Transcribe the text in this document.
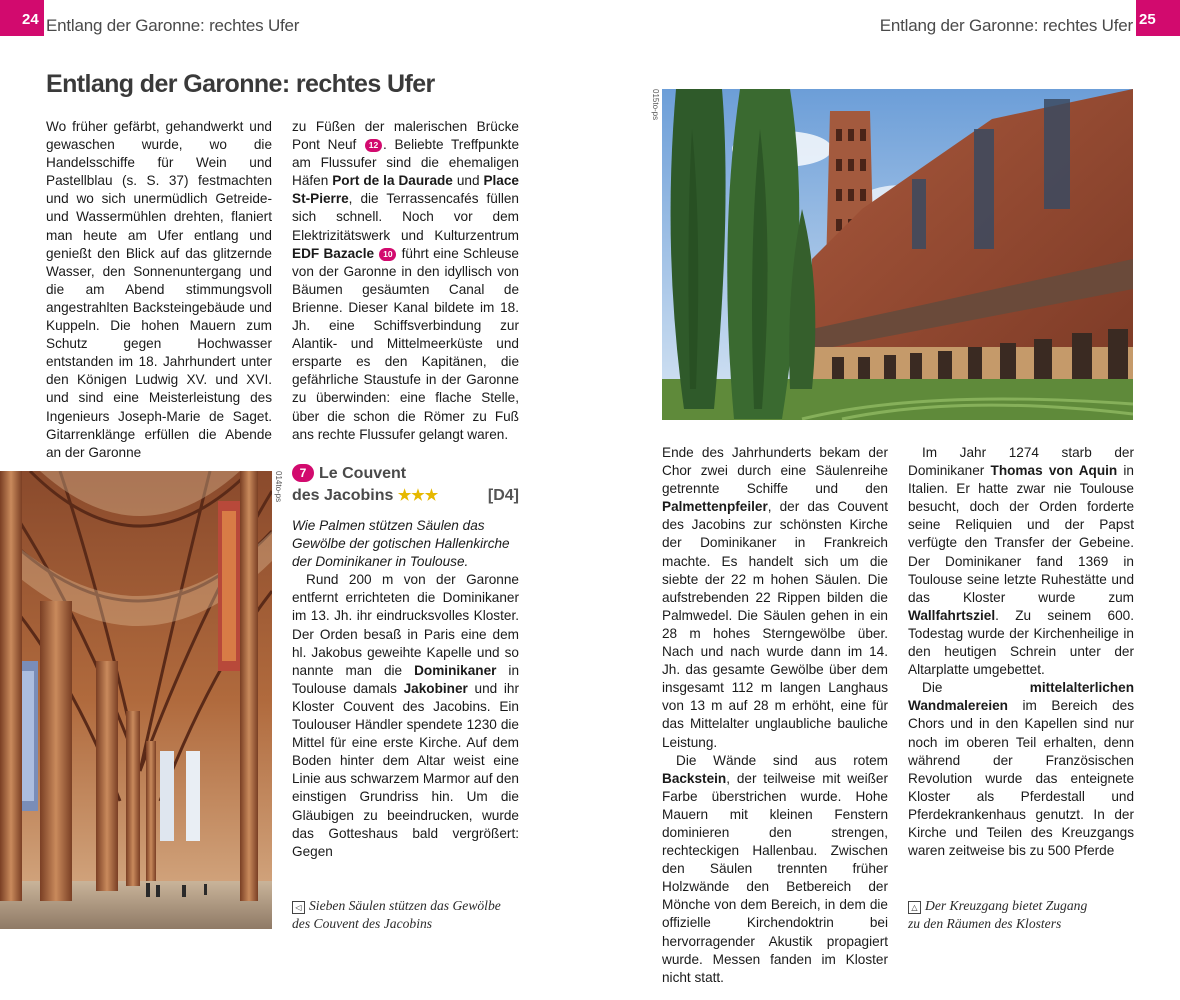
24 Entlang der Garonne: rechtes Ufer	Entlang der Garonne: rechtes Ufer 25
Entlang der Garonne: rechtes Ufer

Wo früher gefärbt, gehandwerkt und gewaschen wurde, wo die Handelsschiffe für Wein und Pastellblau (s. S. 37) festmachten und wo sich unermüdlich Getreide- und Wassermühlen drehten, flaniert man heute am Ufer entlang und genießt den Blick auf das glitzernde Wasser, den Sonnenuntergang und die am Abend stimmungsvoll angestrahlten Backsteingebäude und Kuppeln. Die hohen Mauern zum Schutz gegen Hochwasser entstanden im 18. Jahrhundert unter den Königen Ludwig XV. und XVI. und sind eine Meisterleistung des Ingenieurs Joseph-Marie de Saget. Gitarrenklänge erfüllen die Abende an der Garonne

zu Füßen der malerischen Brücke Pont Neuf 12 . Beliebte Treffpunkte am Flussufer sind die ehemaligen Häfen Port de la Daurade und Place St-Pierre, die Terrassencafés füllen sich schnell. Noch vor dem Elektrizitätswerk und Kulturzentrum EDF Bazacle 10 führt eine Schleuse von der Garonne in den idyllisch von Bäumen gesäumten Canal de Brienne. Dieser Kanal bildete im 18. Jh. eine Schiffsverbindung zur Alantik- und Mittelmeerküste und ersparte es den Kapitänen, die gefährliche Staustufe in der Garonne zu überwinden: eine flache Stelle, über die schon die Römer zu Fuß ans rechte Flussufer gelangt waren.

014to-ps	7 Le Couvent
des Jacobins ★★★	[D4]

Wie Palmen stützen Säulen das Gewölbe der gotischen Hallenkirche der Dominikaner in Toulouse.

Rund 200 m von der Garonne entfernt errichteten die Dominikaner im 13. Jh. ihr eindrucksvolles Kloster. Der Orden besaß in Paris eine dem hl. Jakobus geweihte Kapelle und so nannte man die Dominikaner in Toulouse damals Jakobiner und ihr Kloster Couvent des Jacobins. Ein Toulouser Händler spendete 1230 die Mittel für eine erste Kirche. Auf dem Boden hinter dem Altar weist eine Linie aus schwarzem Marmor auf den einstigen Grundriss hin. Um die Gläubigen zu beeindrucken, wurde das Gotteshaus bald vergrößert: Gegen

◁ Sieben Säulen stützen das Gewölbe
des Couvent des Jacobins
015to-ps

Ende des Jahrhunderts bekam der Chor zwei durch eine Säulenreihe getrennte Schiffe und den Palmettenpfeiler, der das Couvent des Jacobins zur schönsten Kirche der Dominikaner in Frankreich machte. Es handelt sich um die siebte der 22 m hohen Säulen. Die aufstrebenden 22 Rippen bilden die Palmwedel. Die Säulen gehen in ein 28 m hohes Sterngewölbe über. Nach und nach wurde dann im 14. Jh. das gesamte Gewölbe über dem insgesamt 112 m langen Langhaus von 13 m auf 28 m erhöht, eine für das Mittelalter unglaubliche bauliche Leistung.

Die Wände sind aus rotem Backstein, der teilweise mit weißer Farbe überstrichen wurde. Hohe Mauern mit kleinen Fenstern dominieren den strengen, rechteckigen Hallenbau. Zwischen den Säulen trennten früher Holzwände den Betbereich der Mönche von dem Bereich, in dem die offizielle Kirchendoktrin bei hervorragender Akustik propagiert wurde. Messen fanden im Kloster nicht statt.

Im Jahr 1274 starb der Dominikaner Thomas von Aquin in Italien. Er hatte zwar nie Toulouse besucht, doch der Orden forderte seine Reliquien und der Papst verfügte den Transfer der Gebeine. Der Dominikaner fand 1369 in Toulouse seine letzte Ruhestätte und das Kloster wurde zum Wallfahrtsziel. Zu seinem 600. Todestag wurde der Kirchenheilige in den heutigen Schrein unter der Altarplatte umgebettet.

Die	mittelalterlichen Wandmalereien im Bereich des Chors und in den Kapellen sind nur noch im oberen Teil erhalten, denn während der Französischen Revolution wurde das enteignete Kloster als Pferdestall und Pferdekrankenhaus genutzt. In der Kirche und Teilen des Kreuzgangs waren zeitweise bis zu 500 Pferde

△ Der Kreuzgang bietet Zugang
zu den Räumen des Klosters
